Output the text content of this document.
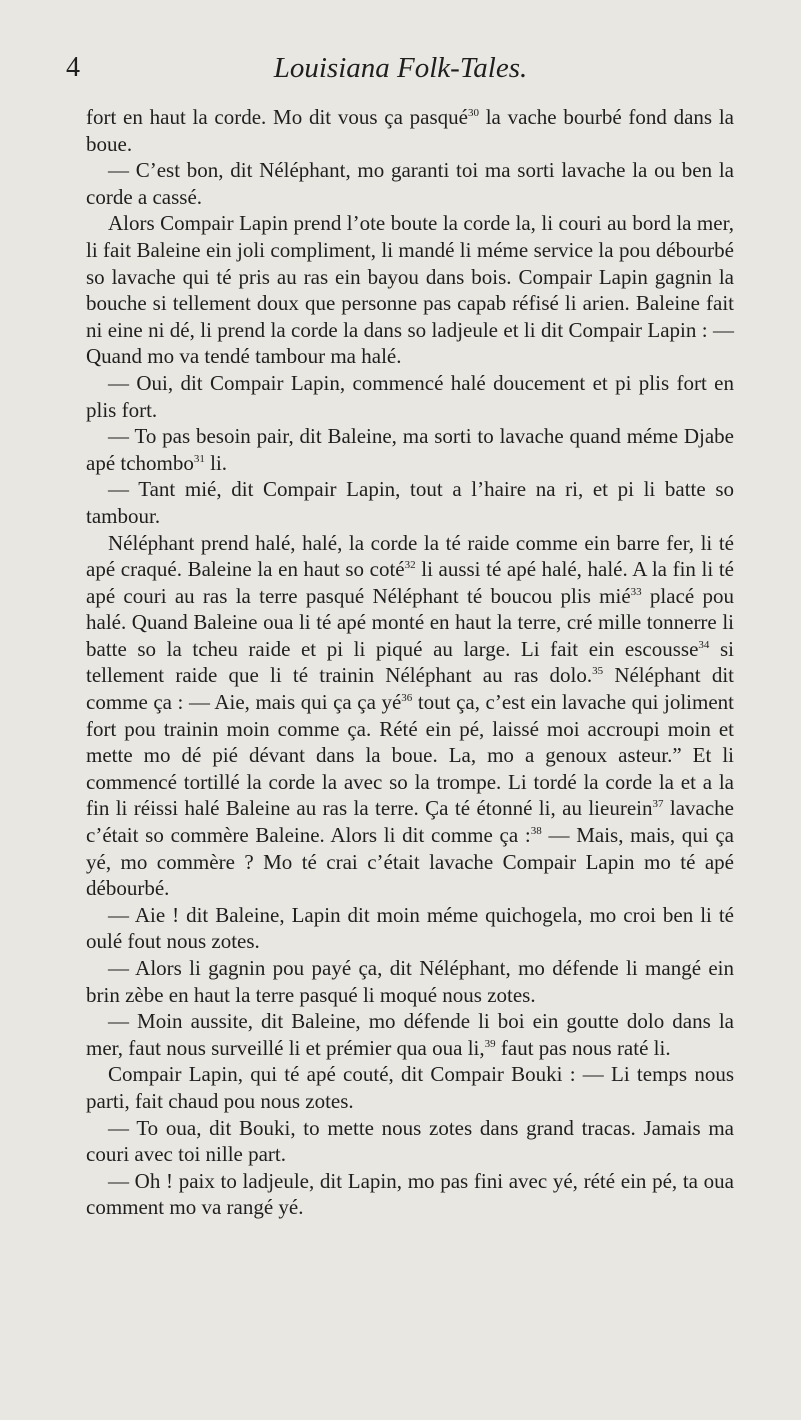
4	Louisiana Folk-Tales.

fort en haut la corde. Mo dit vous ça pasqué$^{30}$ la vache bourbé fond dans la boue.

— C’est bon, dit Néléphant, mo garanti toi ma sorti lavache la ou ben la corde a cassé.

Alors Compair Lapin prend l’ote boute la corde la, li couri au bord la mer, li fait Baleine ein joli compliment, li mandé li méme service la pou débourbé so lavache qui té pris au ras ein bayou dans bois. Compair Lapin gagnin la bouche si tellement doux que personne pas capab réfisé li arien. Baleine fait ni eine ni dé, li prend la corde la dans so ladjeule et li dit Compair Lapin : — Quand mo va tendé tambour ma halé.

— Oui, dit Compair Lapin, commencé halé doucement et pi plis fort en plis fort.

— To pas besoin pair, dit Baleine, ma sorti to lavache quand méme Djabe apé tchombo$^{31}$ li.

— Tant mié, dit Compair Lapin, tout a l’haire na ri, et pi li batte so tambour.

Néléphant prend halé, halé, la corde la té raide comme ein barre fer, li té apé craqué. Baleine la en haut so coté$^{32}$ li aussi té apé halé, halé. A la fin li té apé couri au ras la terre pasqué Néléphant té boucou plis mié$^{33}$ placé pou halé. Quand Baleine oua li té apé monté en haut la terre, cré mille tonnerre li batte so la tcheu raide et pi li piqué au large. Li fait ein escousse$^{34}$ si tellement raide que li té trainin Néléphant au ras dolo.$^{35}$ Néléphant dit comme ça : — Aie, mais qui ça ça yé$^{36}$ tout ça, c’est ein lavache qui joliment fort pou trainin moin comme ça. Rété ein pé, laissé moi accroupi moin et mette mo dé pié dévant dans la boue. La, mo a genoux asteur.” Et li commencé tortillé la corde la avec so la trompe. Li tordé la corde la et a la fin li réissi halé Baleine au ras la terre. Ça té étonné li, au lieurein$^{37}$ lavache c’était so commère Baleine. Alors li dit comme ça :$^{38}$ — Mais, mais, qui ça yé, mo commère ? Mo té crai c’était lavache Compair Lapin mo té apé débourbé.

— Aie ! dit Baleine, Lapin dit moin méme quichogela, mo croi ben li té oulé fout nous zotes.

— Alors li gagnin pou payé ça, dit Néléphant, mo défende li mangé ein brin zèbe en haut la terre pasqué li moqué nous zotes.

— Moin aussite, dit Baleine, mo défende li boi ein goutte dolo dans la mer, faut nous surveillé li et prémier qua oua li,$^{39}$ faut pas nous raté li.

Compair Lapin, qui té apé couté, dit Compair Bouki : — Li temps nous parti, fait chaud pou nous zotes.

— To oua, dit Bouki, to mette nous zotes dans grand tracas. Jamais ma couri avec toi nille part.

— Oh ! paix to ladjeule, dit Lapin, mo pas fini avec yé, rété ein pé, ta oua comment mo va rangé yé.
